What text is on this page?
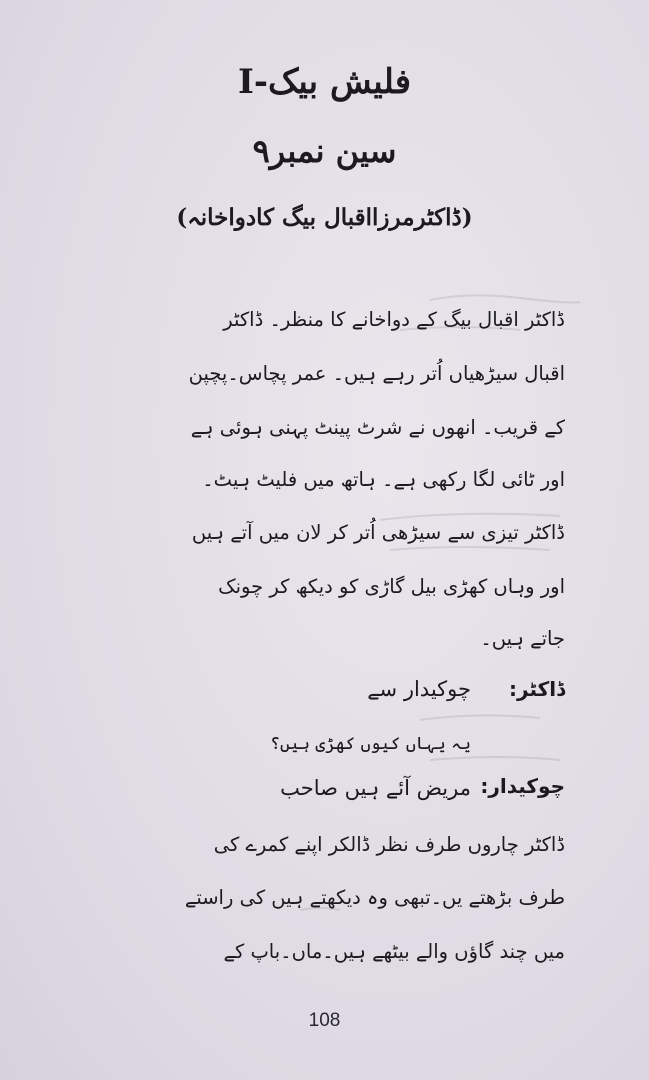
فلیش بیک-I
سین نمبر۹
(ڈاکٹرمرزااقبال بیگ کادواخانہ)
ڈاکٹر اقبال بیگ کے دواخانے کا منظر۔ ڈاکٹر
اقبال سیڑھیاں اُتر رہے ہیں۔ عمر پچاس۔پچپن
کے قریب۔ انھوں نے شرٹ پینٹ پہنی ہوئی ہے
اور ٹائی لگا رکھی ہے۔ ہاتھ میں فلیٹ ہیٹ۔
ڈاکٹر تیزی سے سیڑھی اُتر کر لان میں آتے ہیں
اور وہاں کھڑی بیل گاڑی کو دیکھ کر چونک
جاتے ہیں۔
ڈاکٹر:
چوکیدار سے
یہ یہاں کیوں کھڑی ہیں؟
چوکیدار:
مریض آئے ہیں صاحب
ڈاکٹر چاروں طرف نظر ڈالکر اپنے کمرے کی
طرف بڑھتے یں۔تبھی وہ دیکھتے ہیں کی راستے
میں چند گاؤں والے بیٹھے ہیں۔ماں۔باپ کے
108
